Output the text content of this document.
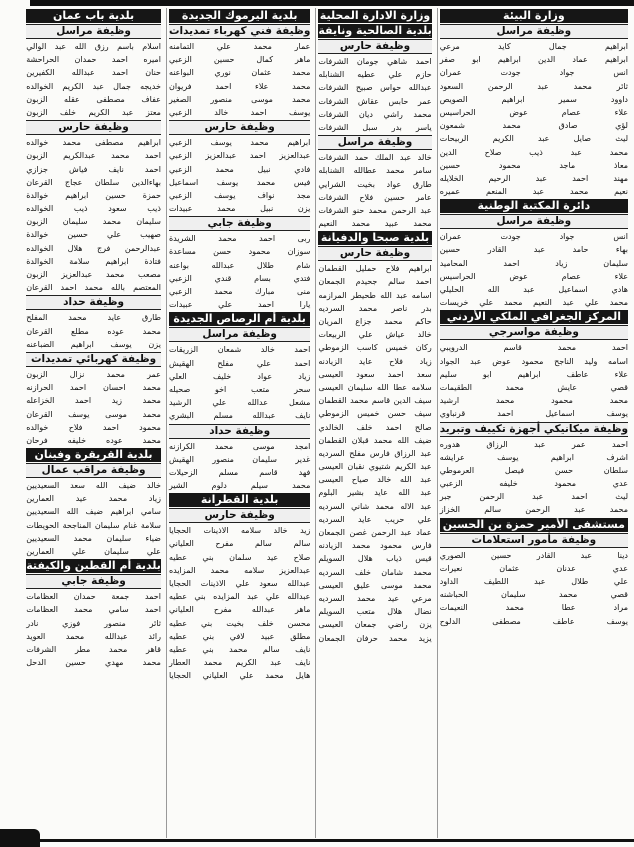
وزارة البيئة
وظيفة مراسل
ابراهيم جمال كايد مرعي
ابراهيم عماد الدين ابراهيم ابو صفر
انس جواد جودت عمران
ثائر محمد عبد الرحمن السعود
داوود سمير ابراهيم الصويص
علاء عصام عوض الحراسيس
لؤي صادق محمد شمعون
ليث صايل عبد الكريم الربيحات
محمد عبد ذيب صلاح الدين
معاذ ماجد محمود حسين
مهند احمد عبد الرحيم الخلايله
نعيم محمد عبد المنعم عميره
دائرة المكتبة الوطنية
وظيفة مراسل
انس جواد جودت عمران
بهاء حامد عبد القادر حسين
سليمان زياد احمد المحاميد
علاء عصام عوض الحراسيس
هادي اسماعيل عبد الله الحليلي
محمد علي عبد النعيم محمد علي خريسات
المركز الجغرافي الملكي الأردني
وظيفة مواسرجي
احمد محمد قاسم الدرويبي
اسامه وليد الناجح محمود عوض عبد الجواد
علاء عاطف ابراهيم ابو سليم
قصي عايش محمد الطقيمات
محمد محمود محمد ارشيد
يوسف اسماعيل احمد قرنباوي
وظيفة ميكانيكي أجهزة تكييف وتبريد
احمد عمر عبد الرزاق هدوره
اشرف ابراهيم يوسف عرايشه
سلطان حسن فيصل العرموطي
عدي محمود خليفه الزعبي
ليث احمد عبد الرحمن جبر
محمد عبد الرحمن سالم الخزاز
مستشفى الأمير حمزة بن الحسين
وظيفة مأمور استعلامات
دينا عبد القادر حسين الصوري
عدي عدنان عثمان نعيرات
علي طلال عبد اللطيف الداود
قصي محمد سليمان الحباشنه
مراد عطا محمد النعيمات
يوسف عاطف مصطفى الدلوح
وزارة الادارة المحلية
بلدية الصالحية ونايفة
وظيفة حارس
احمد شاهي جومان الشرفات
حازم علي عطيه الشنابله
عبدالله حواس صبيح الشرفات
عمر حابس عقاش الشرفات
محمد راشي ديان الشرفات
ياسر بدر سبل الشرفات
وظيفة مراسل
خالد عبد الملك حمد الشرفات
سامر محمد عطالله الشنابله
طارق عواد بخيت الشرايي
عامر حسين فلاح الشرفات
عبد الرحمن محمد حنو الشرفات
محمد عبيد محمد النعيم
بلدية صبحا والدفيانة
وظيفة حارس
ابراهيم فلاح حمليل القطمان
احمد سالم جحيدم الجمعان
اسامه عبد الله طحيطر المرازمه
بدر ناصر محمد السرديه
حاكم محمد جزاع المريان
خالد عياش علي الربيعات
ركان خميس كاسب الزموطي
زياد فلاح عايد الزيادنه
سعد احمد سعود العيسى
سلامه عطا الله سليمان العيسى
سيف الدين قاسم محمد القطمان
سيف حسن خميس الزموطي
صالح احمد خلف الخالدي
ضيف الله محمد قبلان القطمان
عبد الرزاق فارس مفلح السرديه
عبد الكريم شتيوي نقبان العيسى
عبد الله خالد صياح العيسى
عبد الله عايد بشير البلوم
عبد الاله محمد شاني السرديه
علي حريب عايد السرديه
عماد عبد الرحمن غصن الجمعان
فارس محمود محمد الزيادنه
قيس ذياب هلال السويلم
محمد شامان خلف السرديه
محمد موسى عليق العيسى
مرعي عيد محمد السرديه
نضال هلال متعب السويلم
يزن راضي جمعان العيسى
يزيد محمد حرفان الجمعان
بلدية اليرموك الجديدة
وظيفة فني كهرباء تمديدات
عمار محمد علي التمامنه
ماهر كمال حسين الزعبي
محمد عثمان نوري البواعنه
محمد علاء احمد فريوان
محمد موسى منصور الصغير
يوسف احمد خالد الزعبي
وظيفة حارس
ابراهيم محمد يوسف الزعبي
عبدالعزيز احمد عبدالعزيز الزعبي
فادي نبيل محمد الزعبي
فيس محمد يوسف اسماعيل
مجد نواف يوسف الزعبي
يزن نبيل محمد عبيدات
وظيفة جابي
ربى احمد محمد الشريدة
سوزان محمود حسن مساعدة
شام طلال عبدالله بواعنه
فتدي بسام قندي الزعبي
منى مبارك محمد الزعبي
يارا احمد علي عبيدات
بلدية أم الرصاص الجديدة
وظيفة مراسل
احمد خالد شمعان الزريقات
احمد علي مفلح الهقيش
زياد عواد خليف العلي
سحر متعب اخو صحيله
مشعل عدالله علي الرشيد
نايف عبدالله مسلم البشري
وظيفة حداد
امجد موسى محمد الكرازنه
غدير سليمان منصور الهقيش
فهد قاسم مسلم الزحيلات
محمد سيلم دلوم الشير
بلدية القطرانة
وظيفة حارس
زيد خالد سلامه الاذينات الحجايا
سالم سالم مفرح العلياني
صلاح عيد سلمان بني عطيه
عبدالعزيز سلامه محمد المزايده
عبدالله سعود علي الاذينات الحجايا
عبدالله علي عبد المزايده بني عطيه
ماهر عبدالله مفرح العلياني
محسن خلف بخيت بني عطيه
مطلق عبيد لافي بني عطيه
نايف سالم محمد بني عطيه
نايف عبد الكريم محمد العطار
هايل محمد علي العلياني الحجايا
بلدية باب عمان
وظيفة مراسل
اسلام باسم رزق الله عبد الوالي
اميره احمد حمدان الحراحشة
حنان احمد عبدالله الكفيرين
خديجه جمال عبد الكريم الخوالده
عفاف مصطفى عقله الزبون
معتز عبد الكريم خلف الزبون
وظيفة حارس
ابراهيم مصطفى محمد خوالده
احمد محمد عبدالكريم الزبون
احمد نايف فياش جزازي
بهاءالدين سلطان عجاج القرعان
حمزة حسين ابراهيم خوالدة
ذيب سعود ذيب الخوالده
سليمان محمد سليمان الزبون
صهيب علي حسين خوالدة
عبدالرحمن فرج هلال الخوالده
فتادة ابراهيم سلامة الخوالدة
مصعب محمد عبدالعزيز الزبون
المعتصم بالله محمد احمد القرعان
وظيفة حداد
طارق عايد محمد المفلح
محمد عوده مطلع القرعان
يزن يوسف ابراهيم الضباعنه
وظيفة كهربائي تمديدات
عمر محمد نزال الزبون
محمد احسان احمد الحرازنه
محمد زيد احمد الخزاعله
محمد موسى يوسف القرعان
محمود احمد فلاح خوالده
محمد عوده خليفه فرحان
بلدية القريقرة وفينان
وظيفة مراقب عمال
خالد ضيف الله سعد السعيديين
زياد محمد عيد العمارين
سامي ابراهيم ضيف الله السعيديين
سلامة غنام سليمان المناجحة الحويطات
ضياء سليمان محمد السعيديين
علي سليمان علي العمارين
بلدية أم القطين والكيفتة
وظيفة جابي
احمد جمعة حمدان العظامات
احمد سامي محمد العظامات
ثائر منصور فوزي نادر
رائد عبدالله محمد العويد
قاهر محمد مطر الشرفات
محمد مهدي حسين الدحل
